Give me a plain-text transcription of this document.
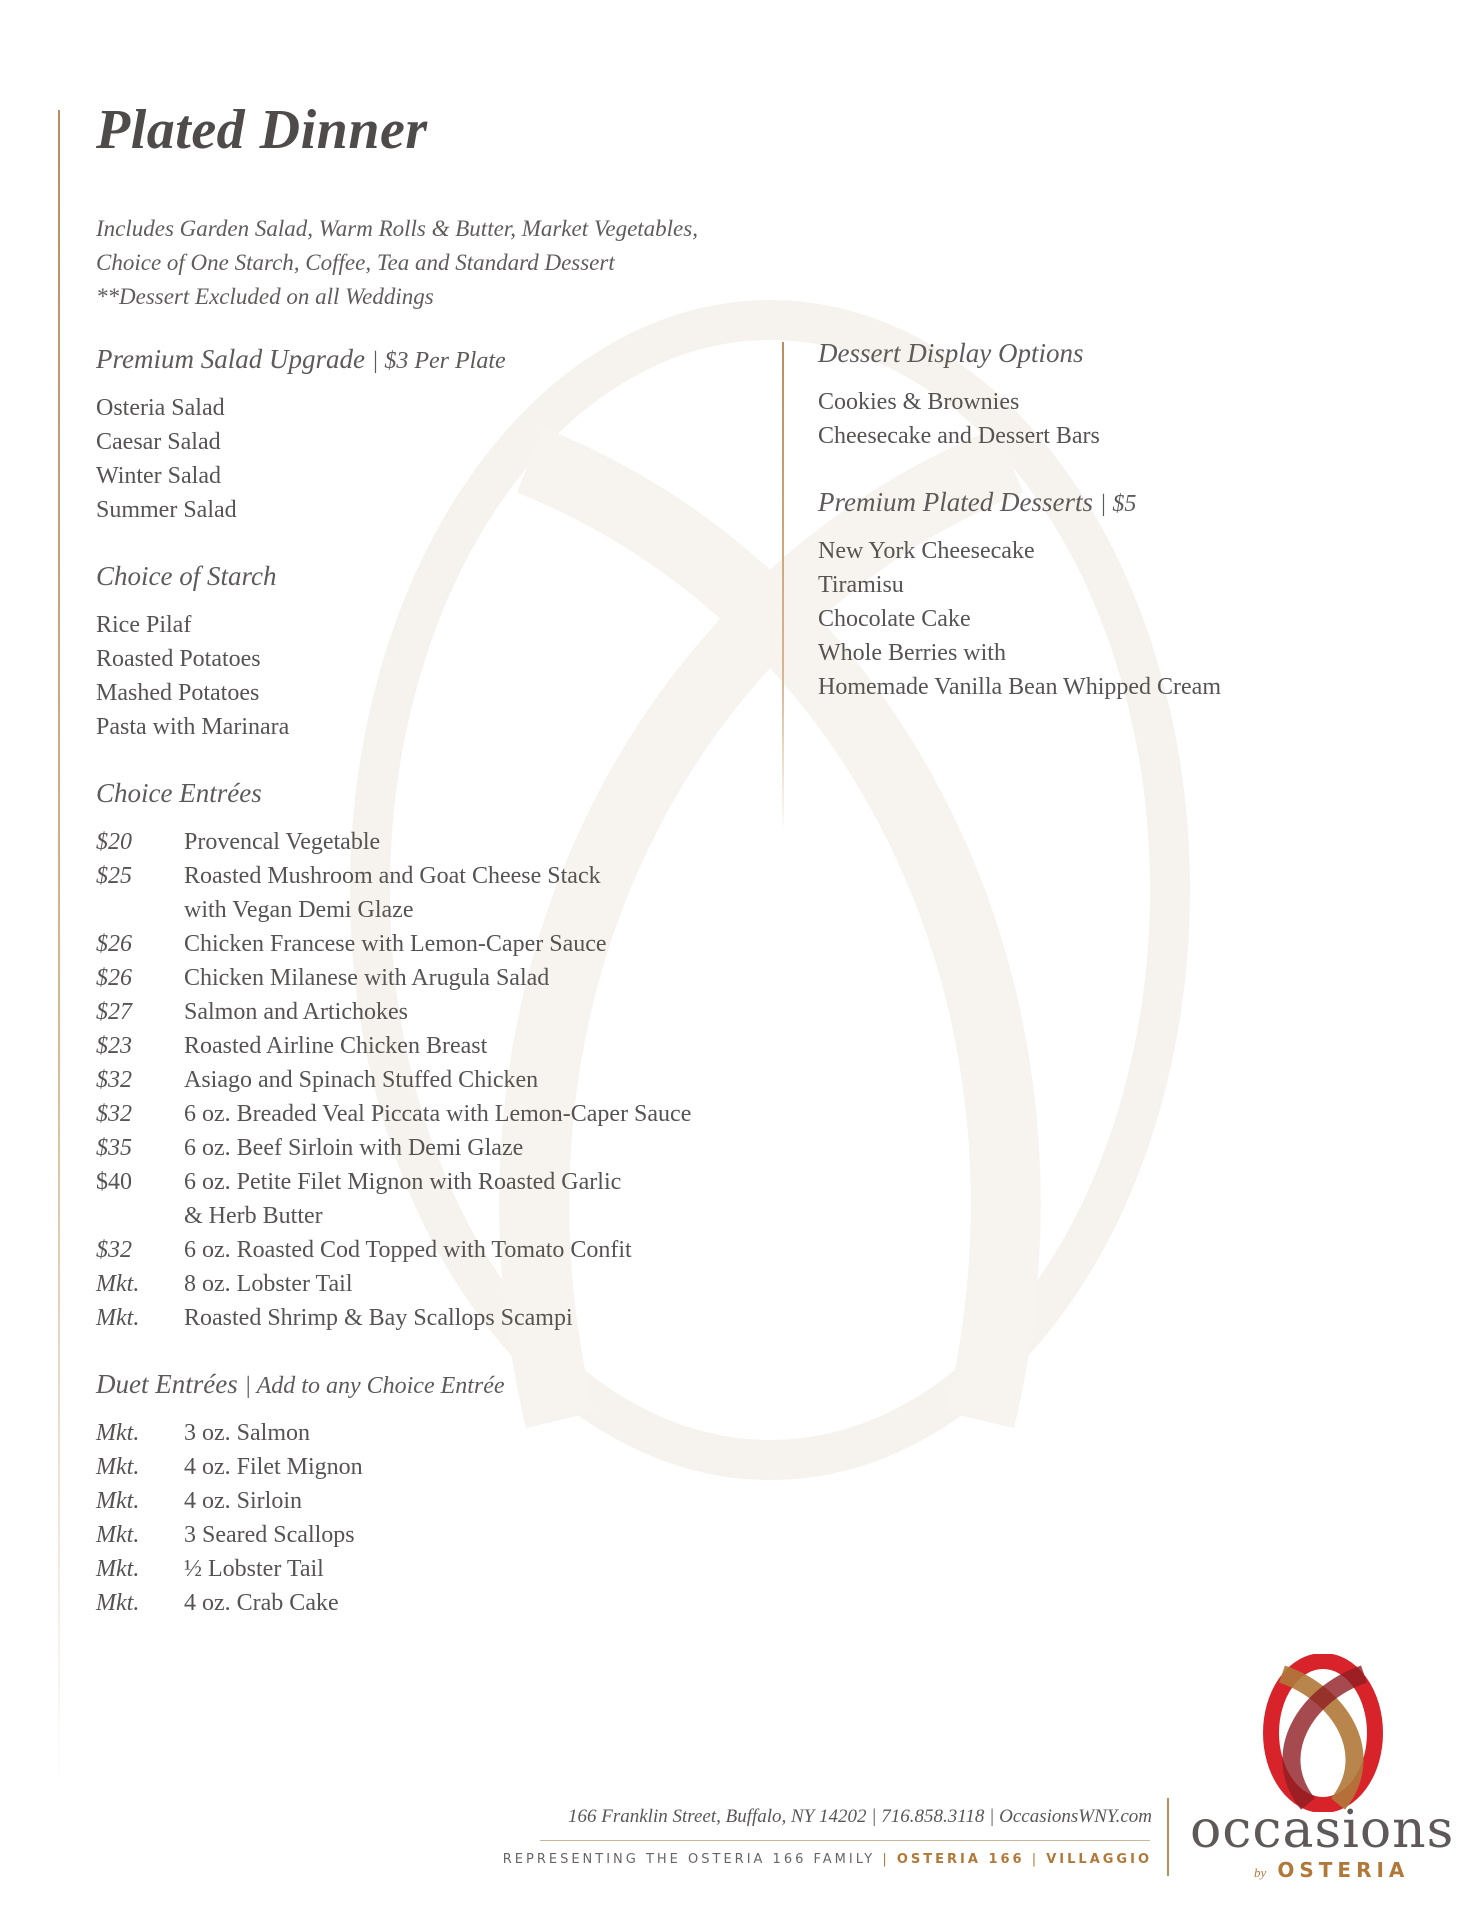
Plated Dinner
Includes Garden Salad, Warm Rolls & Butter, Market Vegetables,
Choice of One Starch, Coffee, Tea and Standard Dessert
**Dessert Excluded on all Weddings
Premium Salad Upgrade | $3 Per Plate
Osteria Salad
Caesar Salad
Winter Salad
Summer Salad
Choice of Starch
Rice Pilaf
Roasted Potatoes
Mashed Potatoes
Pasta with Marinara
Choice Entrées
$20	Provencal Vegetable
$25	Roasted Mushroom and Goat Cheese Stack
with Vegan Demi Glaze
$26	Chicken Francese with Lemon-Caper Sauce
$26	Chicken Milanese with Arugula Salad
$27	Salmon and Artichokes
$23	Roasted Airline Chicken Breast
$32	Asiago and Spinach Stuffed Chicken
$32	6 oz. Breaded Veal Piccata with Lemon-Caper Sauce
$35	6 oz. Beef Sirloin with Demi Glaze
$40	6 oz. Petite Filet Mignon with Roasted Garlic
& Herb Butter
$32	6 oz. Roasted Cod Topped with Tomato Confit
Mkt.	8 oz. Lobster Tail
Mkt.	Roasted Shrimp & Bay Scallops Scampi
Duet Entrées | Add to any Choice Entrée
Mkt.	3 oz. Salmon
Mkt.	4 oz. Filet Mignon
Mkt.	4 oz. Sirloin
Mkt.	3 Seared Scallops
Mkt.	½ Lobster Tail
Mkt.	4 oz. Crab Cake
Dessert Display Options
Cookies & Brownies
Cheesecake and Dessert Bars
Premium Plated Desserts | $5
New York Cheesecake
Tiramisu
Chocolate Cake
Whole Berries with
Homemade Vanilla Bean Whipped Cream
166 Franklin Street, Buffalo, NY 14202 | 716.858.3118 | OccasionsWNY.com
REPRESENTING THE OSTERIA 166 FAMILY | OSTERIA 166 | VILLAGGIO occasions
by OSTERIA
